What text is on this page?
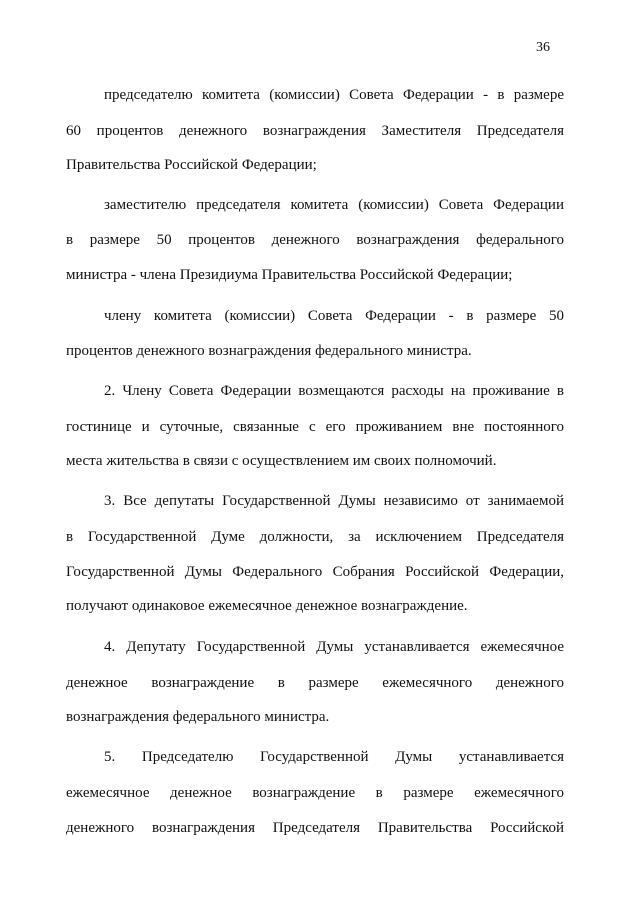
36
председателю комитета (комиссии) Совета Федерации - в размере
60 процентов денежного вознаграждения Заместителя Председателя
Правительства Российской Федерации;
заместителю председателя комитета (комиссии) Совета Федерации
в размере 50 процентов денежного вознаграждения федерального
министра - члена Президиума Правительства Российской Федерации;
члену комитета (комиссии) Совета Федерации - в размере 50
процентов денежного вознаграждения федерального министра.
2. Члену Совета Федерации возмещаются расходы на проживание в
гостинице и суточные, связанные с его проживанием вне постоянного
места жительства в связи с осуществлением им своих полномочий.
3. Все депутаты Государственной Думы независимо от занимаемой
в Государственной Думе должности, за исключением Председателя
Государственной Думы Федерального Собрания Российской Федерации,
получают одинаковое ежемесячное денежное вознаграждение.
4. Депутату Государственной Думы устанавливается ежемесячное
денежное вознаграждение в размере ежемесячного денежного
вознаграждения федерального министра.
5. Председателю Государственной Думы устанавливается
ежемесячное денежное вознаграждение в размере ежемесячного
денежного вознаграждения Председателя Правительства Российской
